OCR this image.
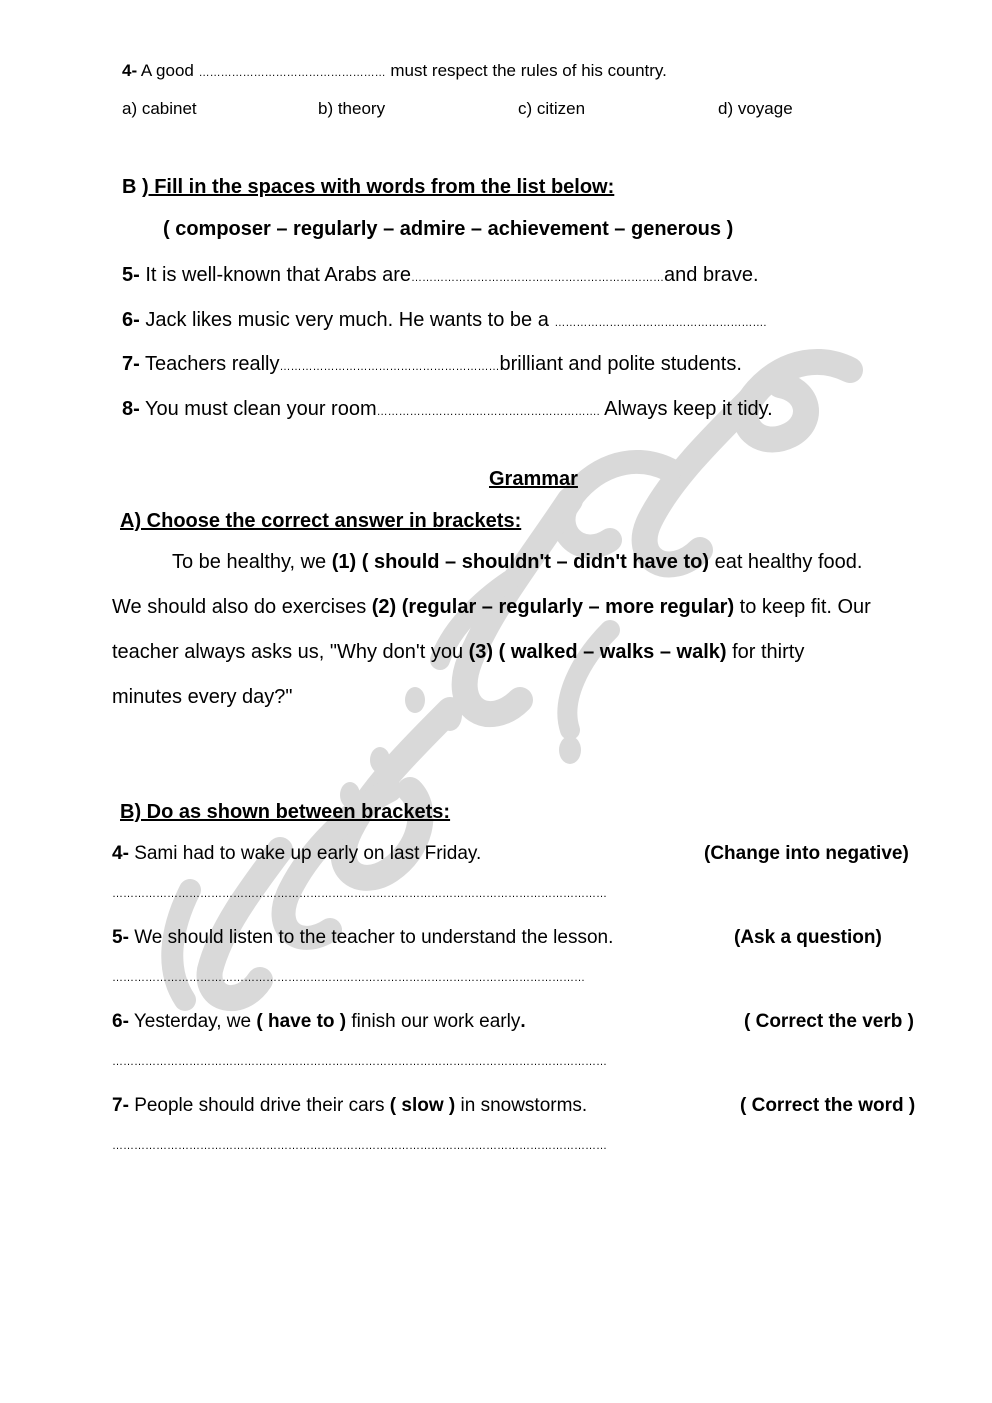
4- A good …………………………………………… must respect the rules of his country.
a) cabinet	b) theory	c) citizen	d) voyage
B ) Fill in the spaces with words from the list below:
( composer – regularly – admire – achievement – generous )
5- It is well-known that Arabs are……………………………………………………………and brave.
6- Jack likes music very much. He wants to be a ………………………………………………….
7- Teachers really……………………………………………………brilliant and polite students.
8- You must clean your room……………………………………………………. Always keep it tidy.
Grammar
A) Choose the correct answer in brackets:
To be healthy, we (1) ( should – shouldn't – didn't have to) eat healthy food.
We should also do exercises (2) (regular – regularly – more regular) to keep fit. Our
teacher always asks us, "Why don't you (3) ( walked – walks – walk) for thirty
minutes every day?"
B) Do as shown between brackets:
4- Sami had to wake up early on last Friday.	(Change into negative)
………………………………………………………………………………………………………………………
5- We should listen to the teacher to understand the lesson.	(Ask a question)
…………………………………………………………………………………………………………………
6- Yesterday, we ( have to ) finish our work early.	( Correct the verb )
………………………………………………………………………………………………………………………
7- People should drive their cars ( slow ) in snowstorms.	( Correct the word )
………………………………………………………………………………………………………………………
